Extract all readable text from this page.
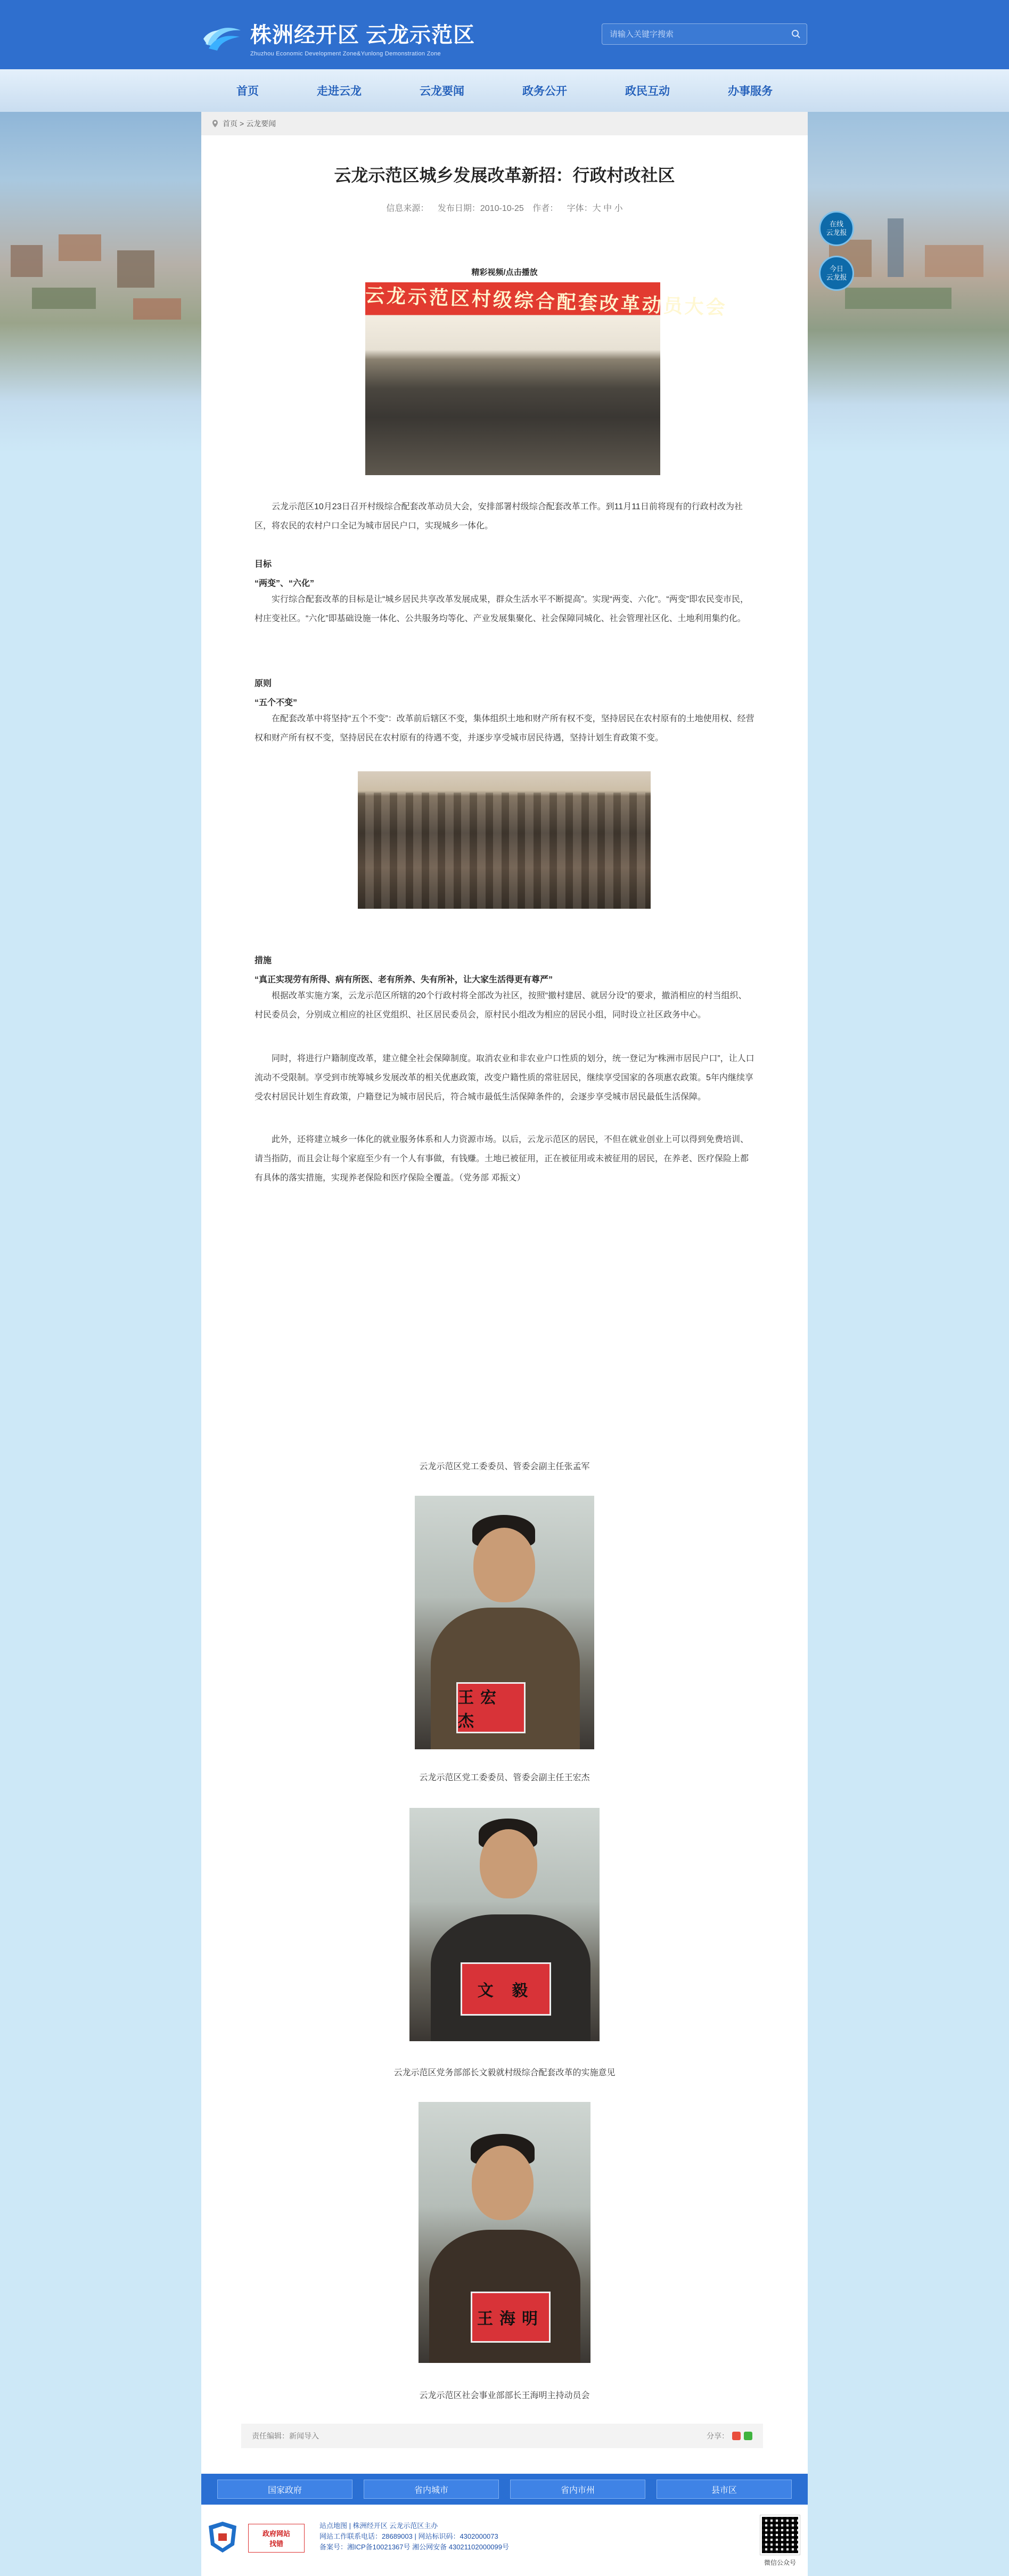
株洲经开区 云龙示范区
Zhuzhou Economic Development Zone&Yunlong Demonstration Zone
请输入关键字搜索
首页	走进云龙	云龙要闻	政务公开	政民互动	办事服务
在线
云龙报
今日
云龙报
首页 > 云龙要闻
云龙示范区城乡发展改革新招：行政村改社区
信息来源： 发布日期：2010-10-25 作者： 字体：大 中 小
精彩视频/点击播放
云龙示范区村级综合配套改革动员大会

云龙示范区10月23日召开村级综合配套改革动员大会，安排部署村级综合配套改革工作。到11月11日前将现有的行政村改为社区，将农民的农村户口全记为城市居民户口，实现城乡一体化。

目标
“两变”、“六化”

实行综合配套改革的目标是让“城乡居民共享改革发展成果，群众生活水平不断提高”。实现“两变、六化”。“两变”即农民变市民，村庄变社区。“六化”即基础设施一体化、公共服务均等化、产业发展集聚化、社会保障同城化、社会管理社区化、土地利用集约化。

原则
“五个不变”

在配套改革中将坚持“五个不变”：改革前后辖区不变，集体组织土地和财产所有权不变，坚持居民在农村原有的土地使用权、经营权和财产所有权不变，坚持居民在农村原有的待遇不变，并逐步享受城市居民待遇，坚持计划生育政策不变。

措施
“真正实现劳有所得、病有所医、老有所养、失有所补，让大家生活得更有尊严”

根据改革实施方案，云龙示范区所辖的20个行政村将全部改为社区，按照“撤村建居、就居分设”的要求，撤消相应的村当组织、村民委员会，分别成立相应的社区党组织、社区居民委员会，原村民小组改为相应的居民小组，同时设立社区政务中心。

同时，将进行户籍制度改革，建立健全社会保障制度。取消农业和非农业户口性质的划分，统一登记为“株洲市居民户口”，让人口流动不受限制。享受到市统筹城乡发展改革的相关优惠政策，改变户籍性质的常驻居民，继续享受国家的各项惠农政策。5年内继续享受农村居民计划生育政策，户籍登记为城市居民后，符合城市最低生活保障条件的，会逐步享受城市居民最低生活保障。

此外，还将建立城乡一体化的就业服务体系和人力资源市场。以后，云龙示范区的居民，不但在就业创业上可以得到免费培训、请当指防，而且会让每个家庭至少有一个人有事做，有钱赚。土地已被征用，正在被征用或未被征用的居民，在养老、医疗保险上都有具体的落实措施，实现养老保险和医疗保险全覆盖。（党务部 邓振文）

云龙示范区党工委委员、管委会副主任张孟军
王宏杰
云龙示范区党工委委员、管委会副主任王宏杰
文 毅
云龙示范区党务部部长文毅就村级综合配套改革的实施意见
王海明
云龙示范区社会事业部部长王海明主持动员会
责任编辑：新闻导入	分享：
国家政府	省内城市	省内市州	县市区
政府网站
找错
站点地图 | 株洲经开区 云龙示范区主办
网站工作联系电话：28689003 | 网站标识码：4302000073
备案号：湘ICP备10021367号 湘公网安备 43021102000099号
微信公众号
